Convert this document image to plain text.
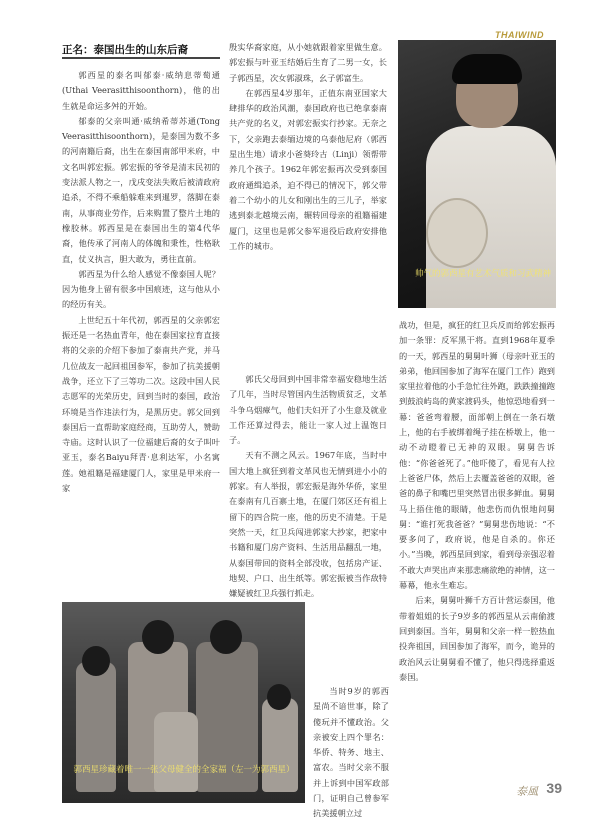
THAIWIND
正名：泰国出生的山东后裔

郭西星的泰名叫郁泰·威纳息蒂萄通(Uthai Veerasitthisoonthorn)，他的出生就是命运多舛的开始。

郁泰的父亲叫通·威纳希蒂苏通(Tong Veerasitthisoonthorn)，是泰国为数不多的河南籍后裔，出生在泰国南部甲米府，中文名叫郭宏振。郭宏振的爷爷是清末民初的变法派人物之一，戊戌变法失败后被清政府追杀，不得不乘船躲难来到暹罗，落脚在泰南，从事商业劳作，后来购置了整片土地的橡胶林。郭西星是在泰国出生的第4代华裔，他传承了河南人的体魄和秉性，性格耿直，仗义执言，胆大敢为，勇往直前。

郭西星为什么给人感觉不像泰国人呢？因为他身上留有很多中国痕迹，这与他从小的经历有关。

上世纪五十年代初，郭西星的父亲郭宏振还是一名热血青年，他在泰国家拉育直接将的父亲的介绍下参加了泰南共产党，并马几位战友一起回祖国参军，参加了抗美援朝战争，还立下了三等功二次。这段中国人民志愿军的光荣历史，回到当时的泰国，政治环境是当作违法行为，是黑历史。郭父回到泰国后一直帮助家庭经商，互助劳人，赞助寺庙。这时认识了一位福建后裔的女子叫叶亚玉，泰名Baiyu拜青·息利达军，小名寓莲。她祖籍是福建厦门人，家里是甲米府一家

殷实华裔家庭，从小她就跟着家里做生意。郭宏振与叶亚玉结婚后生育了二男一女，长子郭西星，次女郭淑珠，幺子郭富生。

在郭西星4岁那年，正值东南亚国家大肆排华的政治风潮，泰国政府也已绝拿泰南共产党的名义，对郭宏振实行抄家。无奈之下，父亲跑去泰缅边境的乌泰他尼府（郭西星出生地）请求小爸葵玲古（Linji）领帮带养几个孩子。1962年郭宏振再次受到泰国政府通缉追杀，迫不得已的情况下，郭父带着二个幼小的儿女和刚出生的三儿子，举家逃到泰北越境云南，辗转回母亲的祖籍福建厦门，这里也是郭父参军退役后政府安排他工作的城市。

郭氏父母回到中国非常幸福安稳地生活了几年，当时尽管国内生活物质贫乏，文革斗争乌烟瘴气，他们夫妇开了小生意及就业工作还算过得去，能让一家人过上温饱日子。

天有不测之风云。1967年底，当时中国大地上疯狂到着文革风也无情到进小小的郭家。有人举报，郭宏振是海外华侨，家里在泰南有几百寨土地，在厦门郊区还有祖上留下的四合院一座，他的历史不清楚。于是突然一天，红卫兵闯进郭家大抄家，把家中书籍和厦门房产资料、生活用品翻乱一地，从泰国带回的资料全部没收，包括房产证、地契、户口、出生纸等。郭宏振被当作敌特嫌疑被红卫兵强行抓走。

当时9岁的郭西星尚不谙世事，除了傻玩并不懂政治。父亲被安上四个罪名：华侨、特务、地主、富农。当时父亲不服并上诉到中国军政部门，证明自己曾参军抗美援朝立过

帅气的郭西星有艺术气质和习武精神

战功，但是，疯狂的红卫兵反而给郭宏振再加一条罪：反军黑干将。直到1968年夏季的一天，郭西星的舅舅叶狮（母亲叶亚玉的弟弟，他回国参加了海军在厦门工作）跑到家里拉着他的小手急忙往外跑，跌跌撞撞跑到鼓浪屿岛的黄家渡码头，他惊恐地看到一幕：爸爸弯着腰，面部朝上倒在一条石墩上，他的右手被绑着绳子挂在桥墩上，他一动不动瞪着已无神的双眼。舅舅告诉他：“你爸爸死了。”他吓傻了，看见有人拉上爸爸尸体，然后上去覆盖爸爸的双眼，爸爸的鼻子和嘴巴里突然冒出很多鲜血。舅舅马上捂住他的眼睛，他悲伤而仇恨地问舅舅：“谁打死我爸爸？”舅舅悲伤地说：“不要多问了，政府说，他是自杀的。你还小。”当晚，郭西星回到家，看到母亲强忍着不敢大声哭出声来那悲痛欲绝的神情，这一幕幕，他永生难忘。

后来，舅舅叶狮千方百计营运泰国，他带着姐姐的长子9岁多的郭西星从云南偷渡回到泰国。当年，舅舅和父亲一样一腔热血投奔祖国，回国参加了海军，而今，诡异的政治风云让舅舅看不懂了，他只得选择重返泰国。

郭西星珍藏着唯一一张父母健全的全家福（左一为郭西星）
泰風 39
